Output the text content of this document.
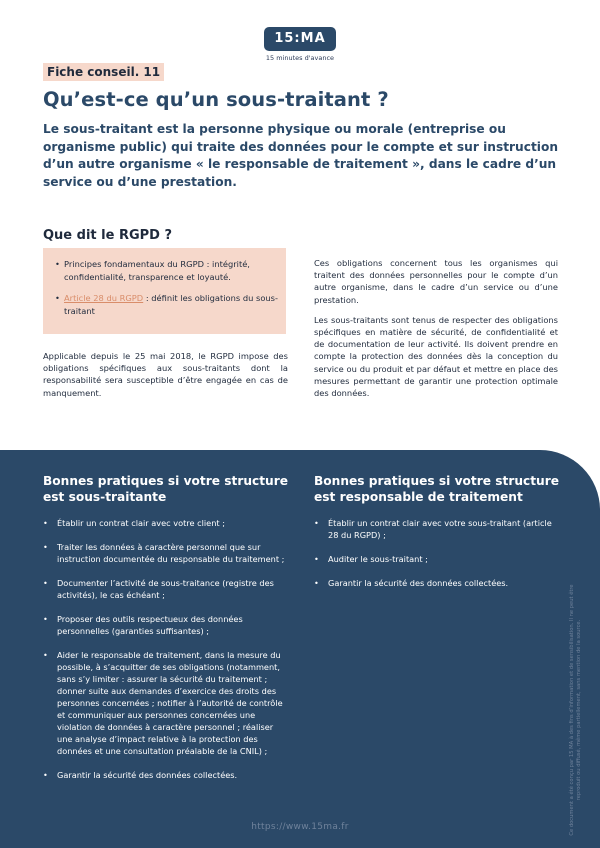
15:MA
15 minutes d'avance
Fiche conseil. 11
Qu’est-ce qu’un sous-traitant ?

Le sous-traitant est la personne physique ou morale (entreprise ou organisme public) qui traite des données pour le compte et sur instruction d’un autre organisme « le responsable de traitement », dans le cadre d’un service ou d’une prestation.

Que dit le RGPD ?
• Principes fondamentaux du RGPD : intégrité, confidentialité, transparence et loyauté.
• Article 28 du RGPD : définit les obligations du sous-traitant

Applicable depuis le 25 mai 2018, le RGPD impose des obligations spécifiques aux sous-traitants dont la responsabilité sera susceptible d’être engagée en cas de manquement.

Ces obligations concernent tous les organismes qui traitent des données personnelles pour le compte d’un autre organisme, dans le cadre d’un service ou d’une prestation.

Les sous-traitants sont tenus de respecter des obligations spécifiques en matière de sécurité, de confidentialité et de documentation de leur activité. Ils doivent prendre en compte la protection des données dès la conception du service ou du produit et par défaut et mettre en place des mesures permettant de garantir une protection optimale des données.

Bonnes pratiques si votre structure est sous-traitante
• Établir un contrat clair avec votre client ;
• Traiter les données à caractère personnel que sur instruction documentée du responsable du traitement ;
• Documenter l’activité de sous-traitance (registre des activités), le cas échéant ;
• Proposer des outils respectueux des données personnelles (garanties suffisantes) ;
• Aider le responsable de traitement, dans la mesure du possible, à s’acquitter de ses obligations (notamment, sans s’y limiter : assurer la sécurité du traitement ; donner suite aux demandes d’exercice des droits des personnes concernées ; notifier à l’autorité de contrôle et communiquer aux personnes concernées une violation de données à caractère personnel ; réaliser une analyse d’impact relative à la protection des données et une consultation préalable de la CNIL) ;
• Garantir la sécurité des données collectées.
Bonnes pratiques si votre structure est responsable de traitement
• Établir un contrat clair avec votre sous-traitant (article 28 du RGPD) ;
• Auditer le sous-traitant ;
• Garantir la sécurité des données collectées.
Ce document a été conçu par 15 MA à des fins d’information et de sensibilisation. Il ne peut être reproduit ou diffusé, même partiellement, sans mention de la source.
https://www.15ma.fr
